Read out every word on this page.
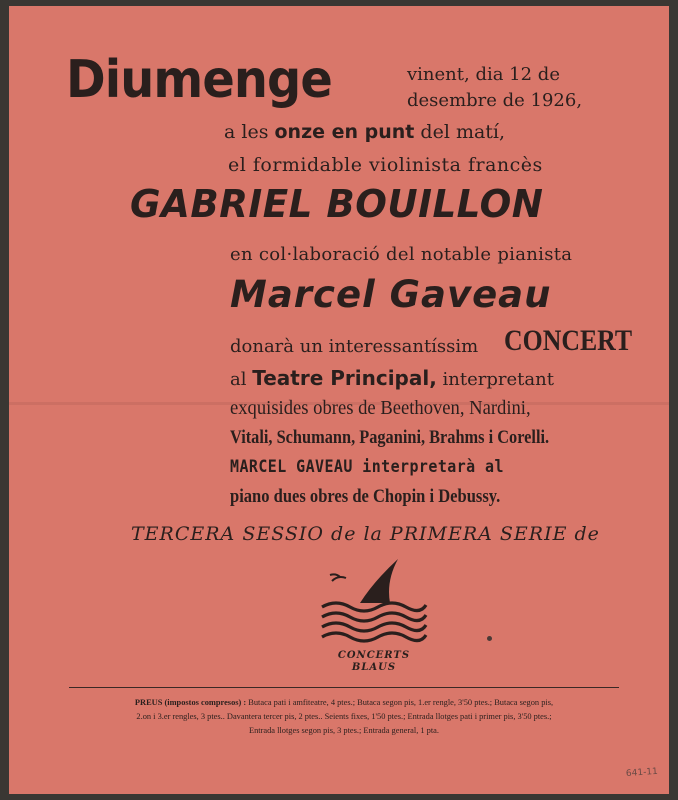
Diumenge	vinent, dia 12 de
desembre de 1926,
a les onze en punt del matí,
el formidable violinista francès
GABRIEL BOUILLON
en col·laboració del notable pianista
Marcel Gaveau
donarà un interessantíssim CONCERT
al Teatre Principal, interpretant
exquisides obres de Beethoven, Nardini,
Vitali, Schumann, Paganini, Brahms i Corelli.
MARCEL GAVEAU interpretarà al
piano dues obres de Chopin i Debussy.
TERCERA SESSIO de la PRIMERA SERIE de
CONCERTS
BLAUS
PREUS (impostos compresos) : Butaca pati i amfiteatre, 4 ptes.; Butaca segon pis, 1.er rengle, 3'50 ptes.; Butaca segon pis,
2.on i 3.er rengles, 3 ptes.. Davantera tercer pis, 2 ptes.. Seients fixes, 1'50 ptes.; Entrada llotges pati i primer pis, 3'50 ptes.;
Entrada llotges segon pis, 3 ptes.; Entrada general, 1 pta.
641-11
